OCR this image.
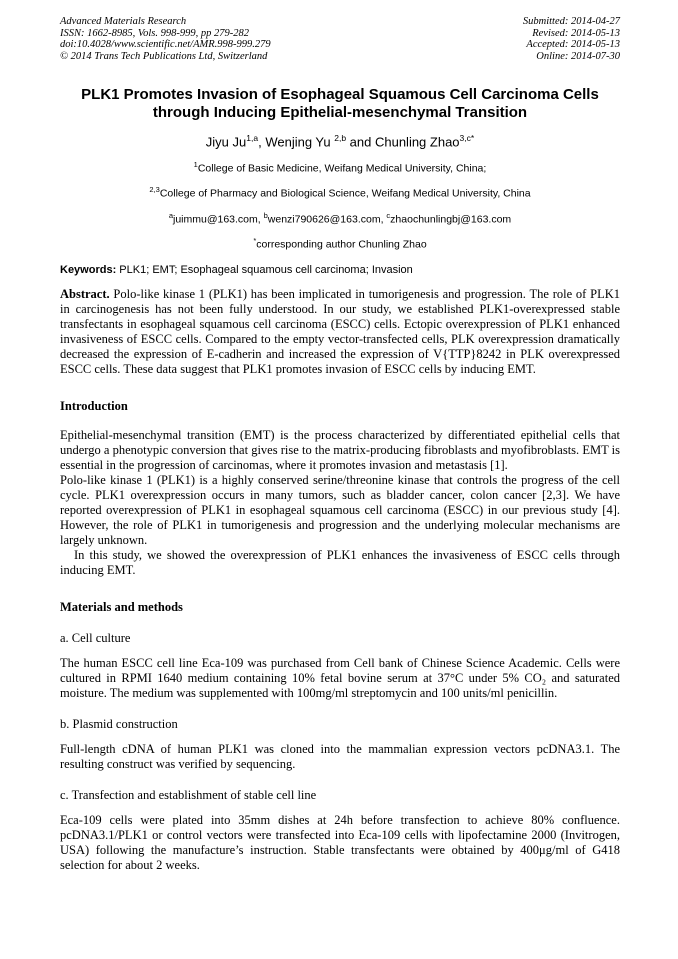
Advanced Materials Research
ISSN: 1662-8985, Vols. 998-999, pp 279-282
doi:10.4028/www.scientific.net/AMR.998-999.279
© 2014 Trans Tech Publications Ltd, Switzerland
Submitted: 2014-04-27
Revised: 2014-05-13
Accepted: 2014-05-13
Online: 2014-07-30
PLK1 Promotes Invasion of Esophageal Squamous Cell Carcinoma Cells
through Inducing Epithelial-mesenchymal Transition
Jiyu Ju$^{1,a}$, Wenjing Yu $^{2,b}$ and Chunling Zhao$^{3,c*}$
$^1$College of Basic Medicine, Weifang Medical University, China;
$^{2,3}$College of Pharmacy and Biological Science, Weifang Medical University, China
$^a$juimmu@163.com, $^b$wenzi790626@163.com, $^c$zhaochunlingbj@163.com
*corresponding author Chunling Zhao
Keywords: PLK1; EMT; Esophageal squamous cell carcinoma; Invasion

Abstract. Polo-like kinase 1 (PLK1) has been implicated in tumorigenesis and progression. The role of PLK1 in carcinogenesis has not been fully understood. In our study, we established PLK1-overexpressed stable transfectants in esophageal squamous cell carcinoma (ESCC) cells. Ectopic overexpression of PLK1 enhanced invasiveness of ESCC cells. Compared to the empty vector-transfected cells, PLK overexpression dramatically decreased the expression of E-cadherin and increased the expression of V{TTP}8242 in PLK overexpressed ESCC cells. These data suggest that PLK1 promotes invasion of ESCC cells by inducing EMT.

Introduction

Epithelial-mesenchymal transition (EMT) is the process characterized by differentiated epithelial cells that undergo a phenotypic conversion that gives rise to the matrix-producing fibroblasts and myofibroblasts. EMT is essential in the progression of carcinomas, where it promotes invasion and metastasis [1].

Polo-like kinase 1 (PLK1) is a highly conserved serine/threonine kinase that controls the progress of the cell cycle. PLK1 overexpression occurs in many tumors, such as bladder cancer, colon cancer [2,3]. We have reported overexpression of PLK1 in esophageal squamous cell carcinoma (ESCC) in our previous study [4]. However, the role of PLK1 in tumorigenesis and progression and the underlying molecular mechanisms are largely unknown.

In this study, we showed the overexpression of PLK1 enhances the invasiveness of ESCC cells through inducing EMT.

Materials and methods

a. Cell culture

The human ESCC cell line Eca-109 was purchased from Cell bank of Chinese Science Academic. Cells were cultured in RPMI 1640 medium containing 10% fetal bovine serum at 37°C under 5% CO₂ and saturated moisture. The medium was supplemented with 100mg/ml streptomycin and 100 units/ml penicillin.

b. Plasmid construction

Full-length cDNA of human PLK1 was cloned into the mammalian expression vectors pcDNA3.1. The resulting construct was verified by sequencing.

c. Transfection and establishment of stable cell line

Eca-109 cells were plated into 35mm dishes at 24h before transfection to achieve 80% confluence. pcDNA3.1/PLK1 or control vectors were transfected into Eca-109 cells with lipofectamine 2000 (Invitrogen, USA) following the manufacture’s instruction. Stable transfectants were obtained by 400μg/ml of G418 selection for about 2 weeks.
